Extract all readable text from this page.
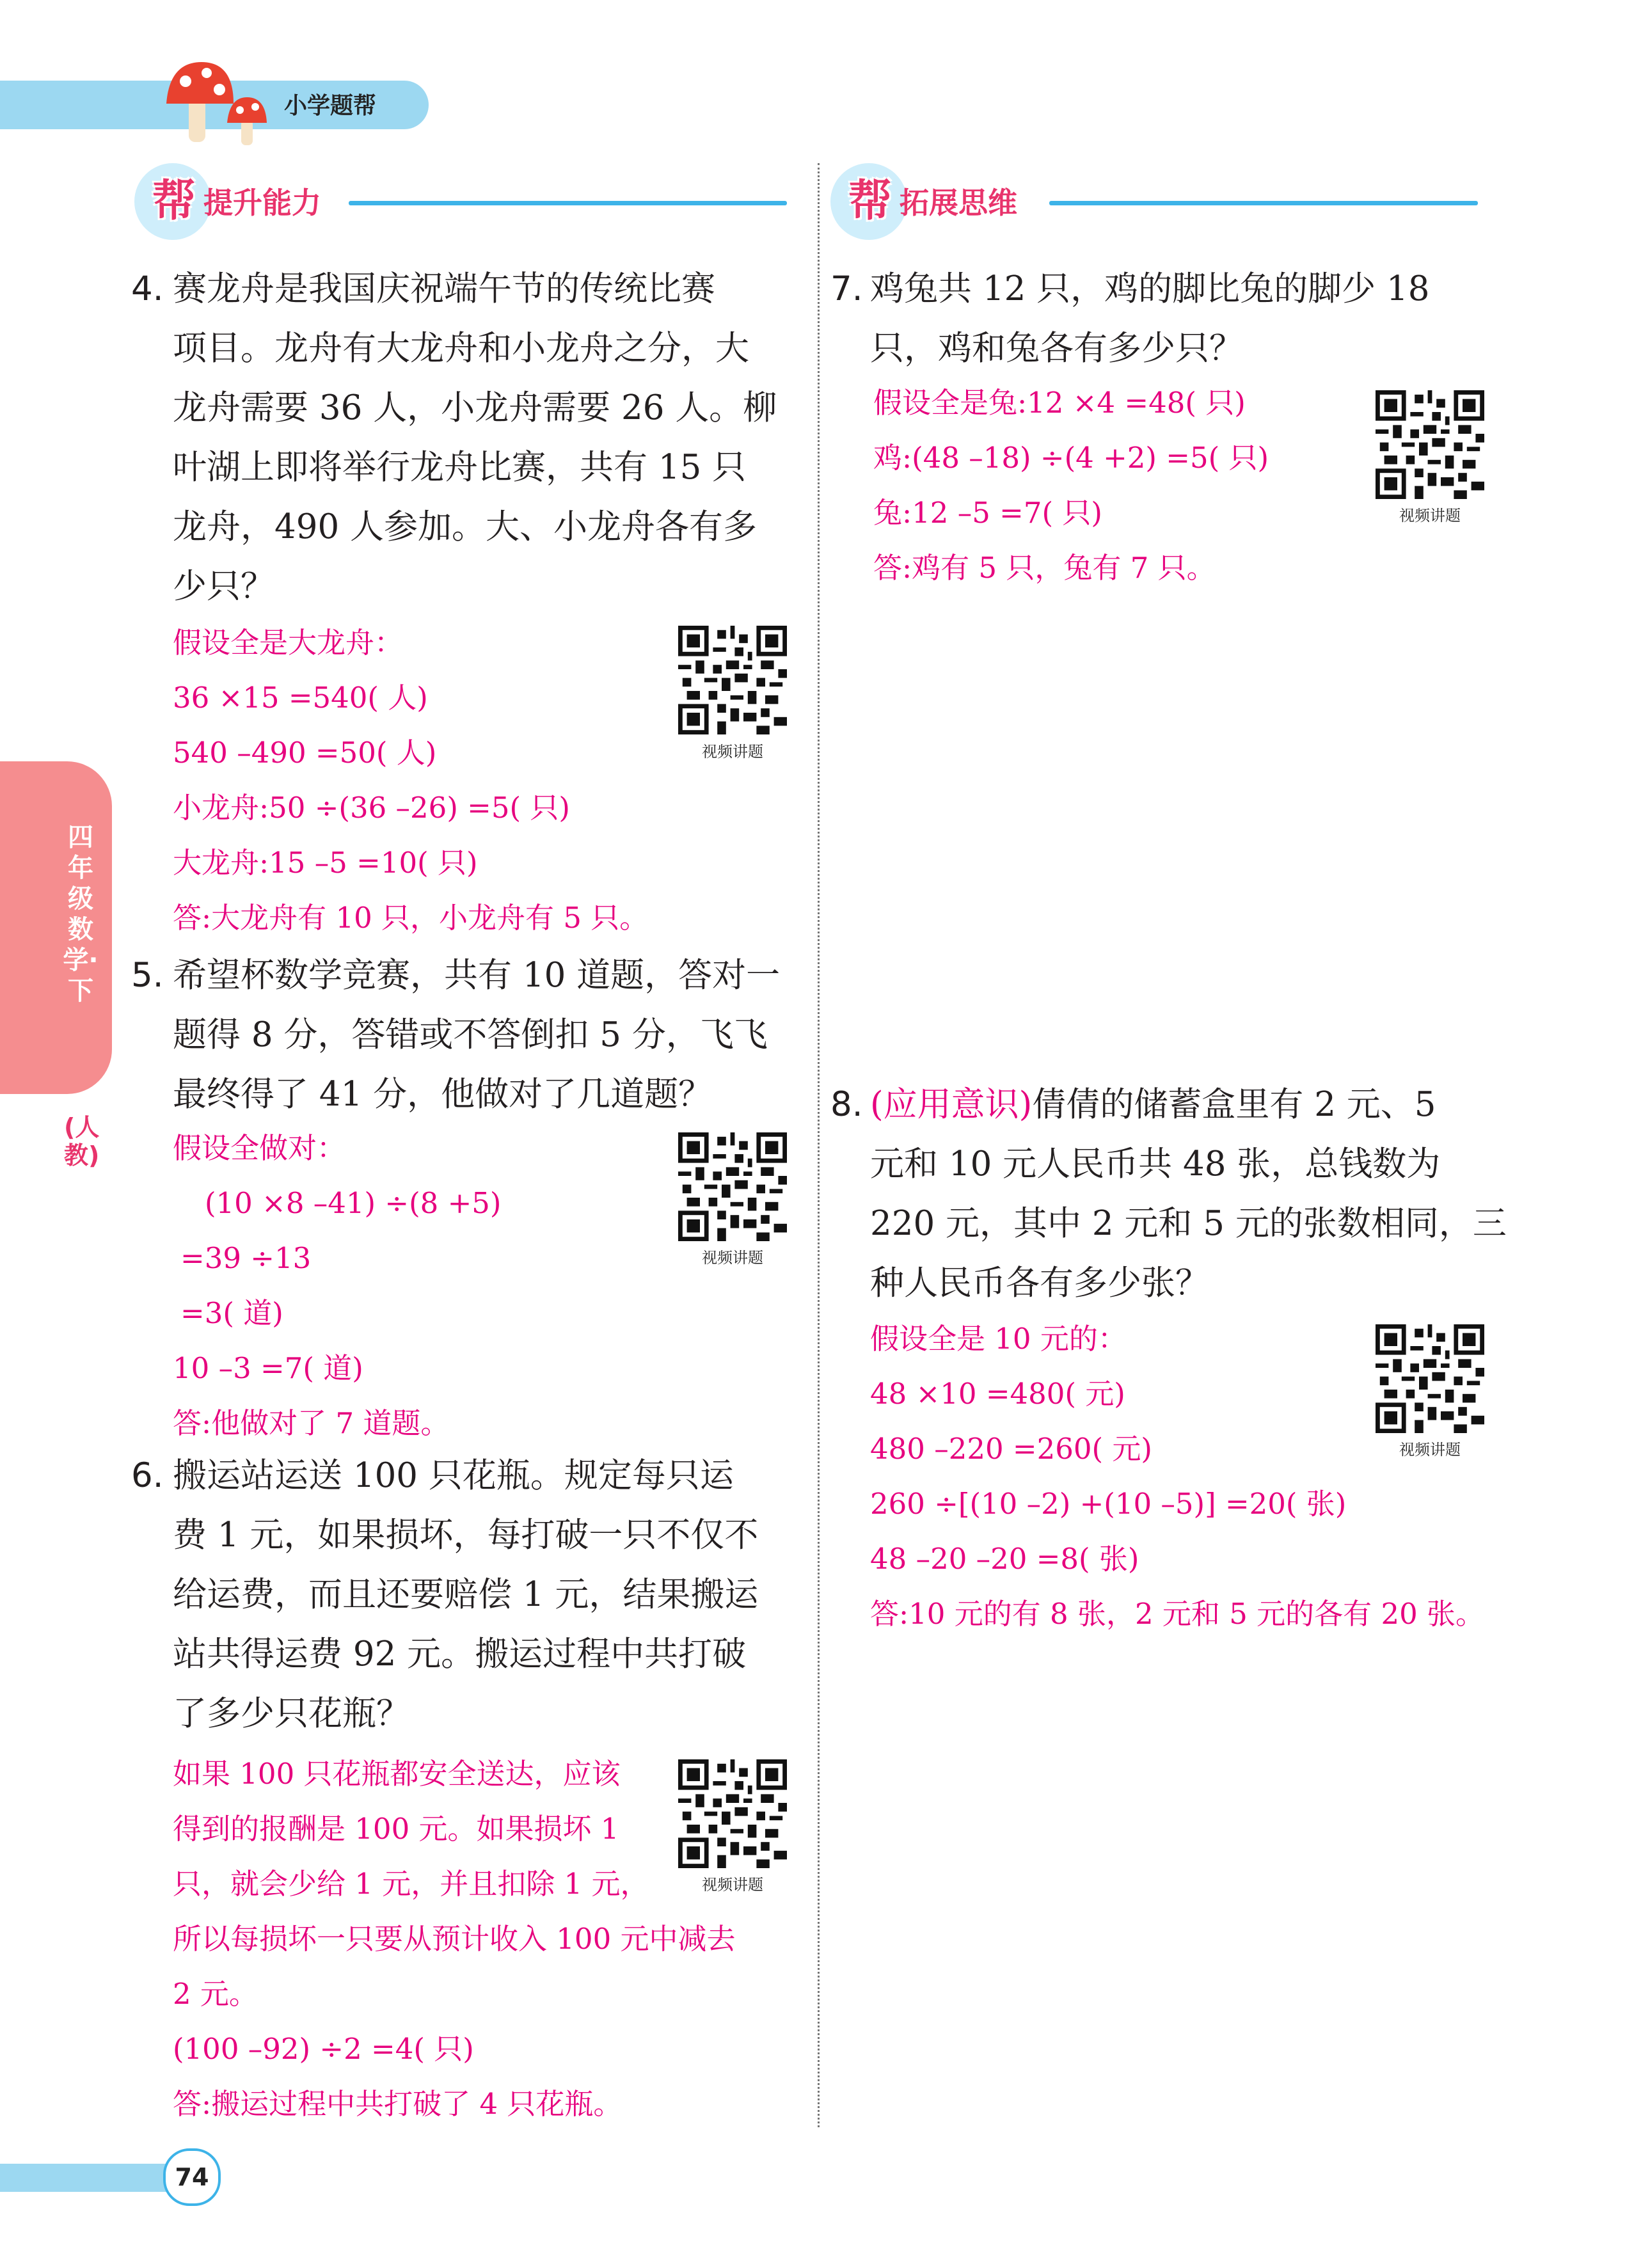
小学题帮
帮 提升能力	帮 拓展思维
四年级数学·下
(人教)
4. 赛龙舟是我国庆祝端午节的传统比赛
项目。龙舟有大龙舟和小龙舟之分，大
龙舟需要 36 人，小龙舟需要 26 人。柳
叶湖上即将举行龙舟比赛，共有 15 只
龙舟，490 人参加。大、小龙舟各有多
少只？
假设全是大龙舟：
36 ×15 =540( 人)
540 –490 =50( 人)
小龙舟:50 ÷(36 –26) =5( 只)
大龙舟:15 –5 =10( 只)
答:大龙舟有 10 只，小龙舟有 5 只。
视频讲题
5. 希望杯数学竞赛，共有 10 道题，答对一
题得 8 分，答错或不答倒扣 5 分，飞飞
最终得了 41 分，他做对了几道题？
假设全做对：
(10 ×8 –41) ÷(8 +5)
=39 ÷13
=3( 道)
10 –3 =7( 道)
答:他做对了 7 道题。
视频讲题
6. 搬运站运送 100 只花瓶。规定每只运
费 1 元，如果损坏，每打破一只不仅不
给运费，而且还要赔偿 1 元，结果搬运
站共得运费 92 元。搬运过程中共打破
了多少只花瓶？
如果 100 只花瓶都安全送达，应该
得到的报酬是 100 元。如果损坏 1
只，就会少给 1 元，并且扣除 1 元，
所以每损坏一只要从预计收入 100 元中减去
2 元。
(100 –92) ÷2 =4( 只)
答:搬运过程中共打破了 4 只花瓶。
视频讲题
7. 鸡兔共 12 只，鸡的脚比兔的脚少 18
只，鸡和兔各有多少只？
假设全是兔:12 ×4 =48( 只)
鸡:(48 –18) ÷(4 +2) =5( 只)
兔:12 –5 =7( 只)
答:鸡有 5 只，兔有 7 只。
视频讲题
8. (应用意识)倩倩的储蓄盒里有 2 元、5
元和 10 元人民币共 48 张，总钱数为
220 元，其中 2 元和 5 元的张数相同，三
种人民币各有多少张？
假设全是 10 元的：
48 ×10 =480( 元)
480 –220 =260( 元)
260 ÷[(10 –2) +(10 –5)] =20( 张)
48 –20 –20 =8( 张)
答:10 元的有 8 张，2 元和 5 元的各有 20 张。
视频讲题
74
